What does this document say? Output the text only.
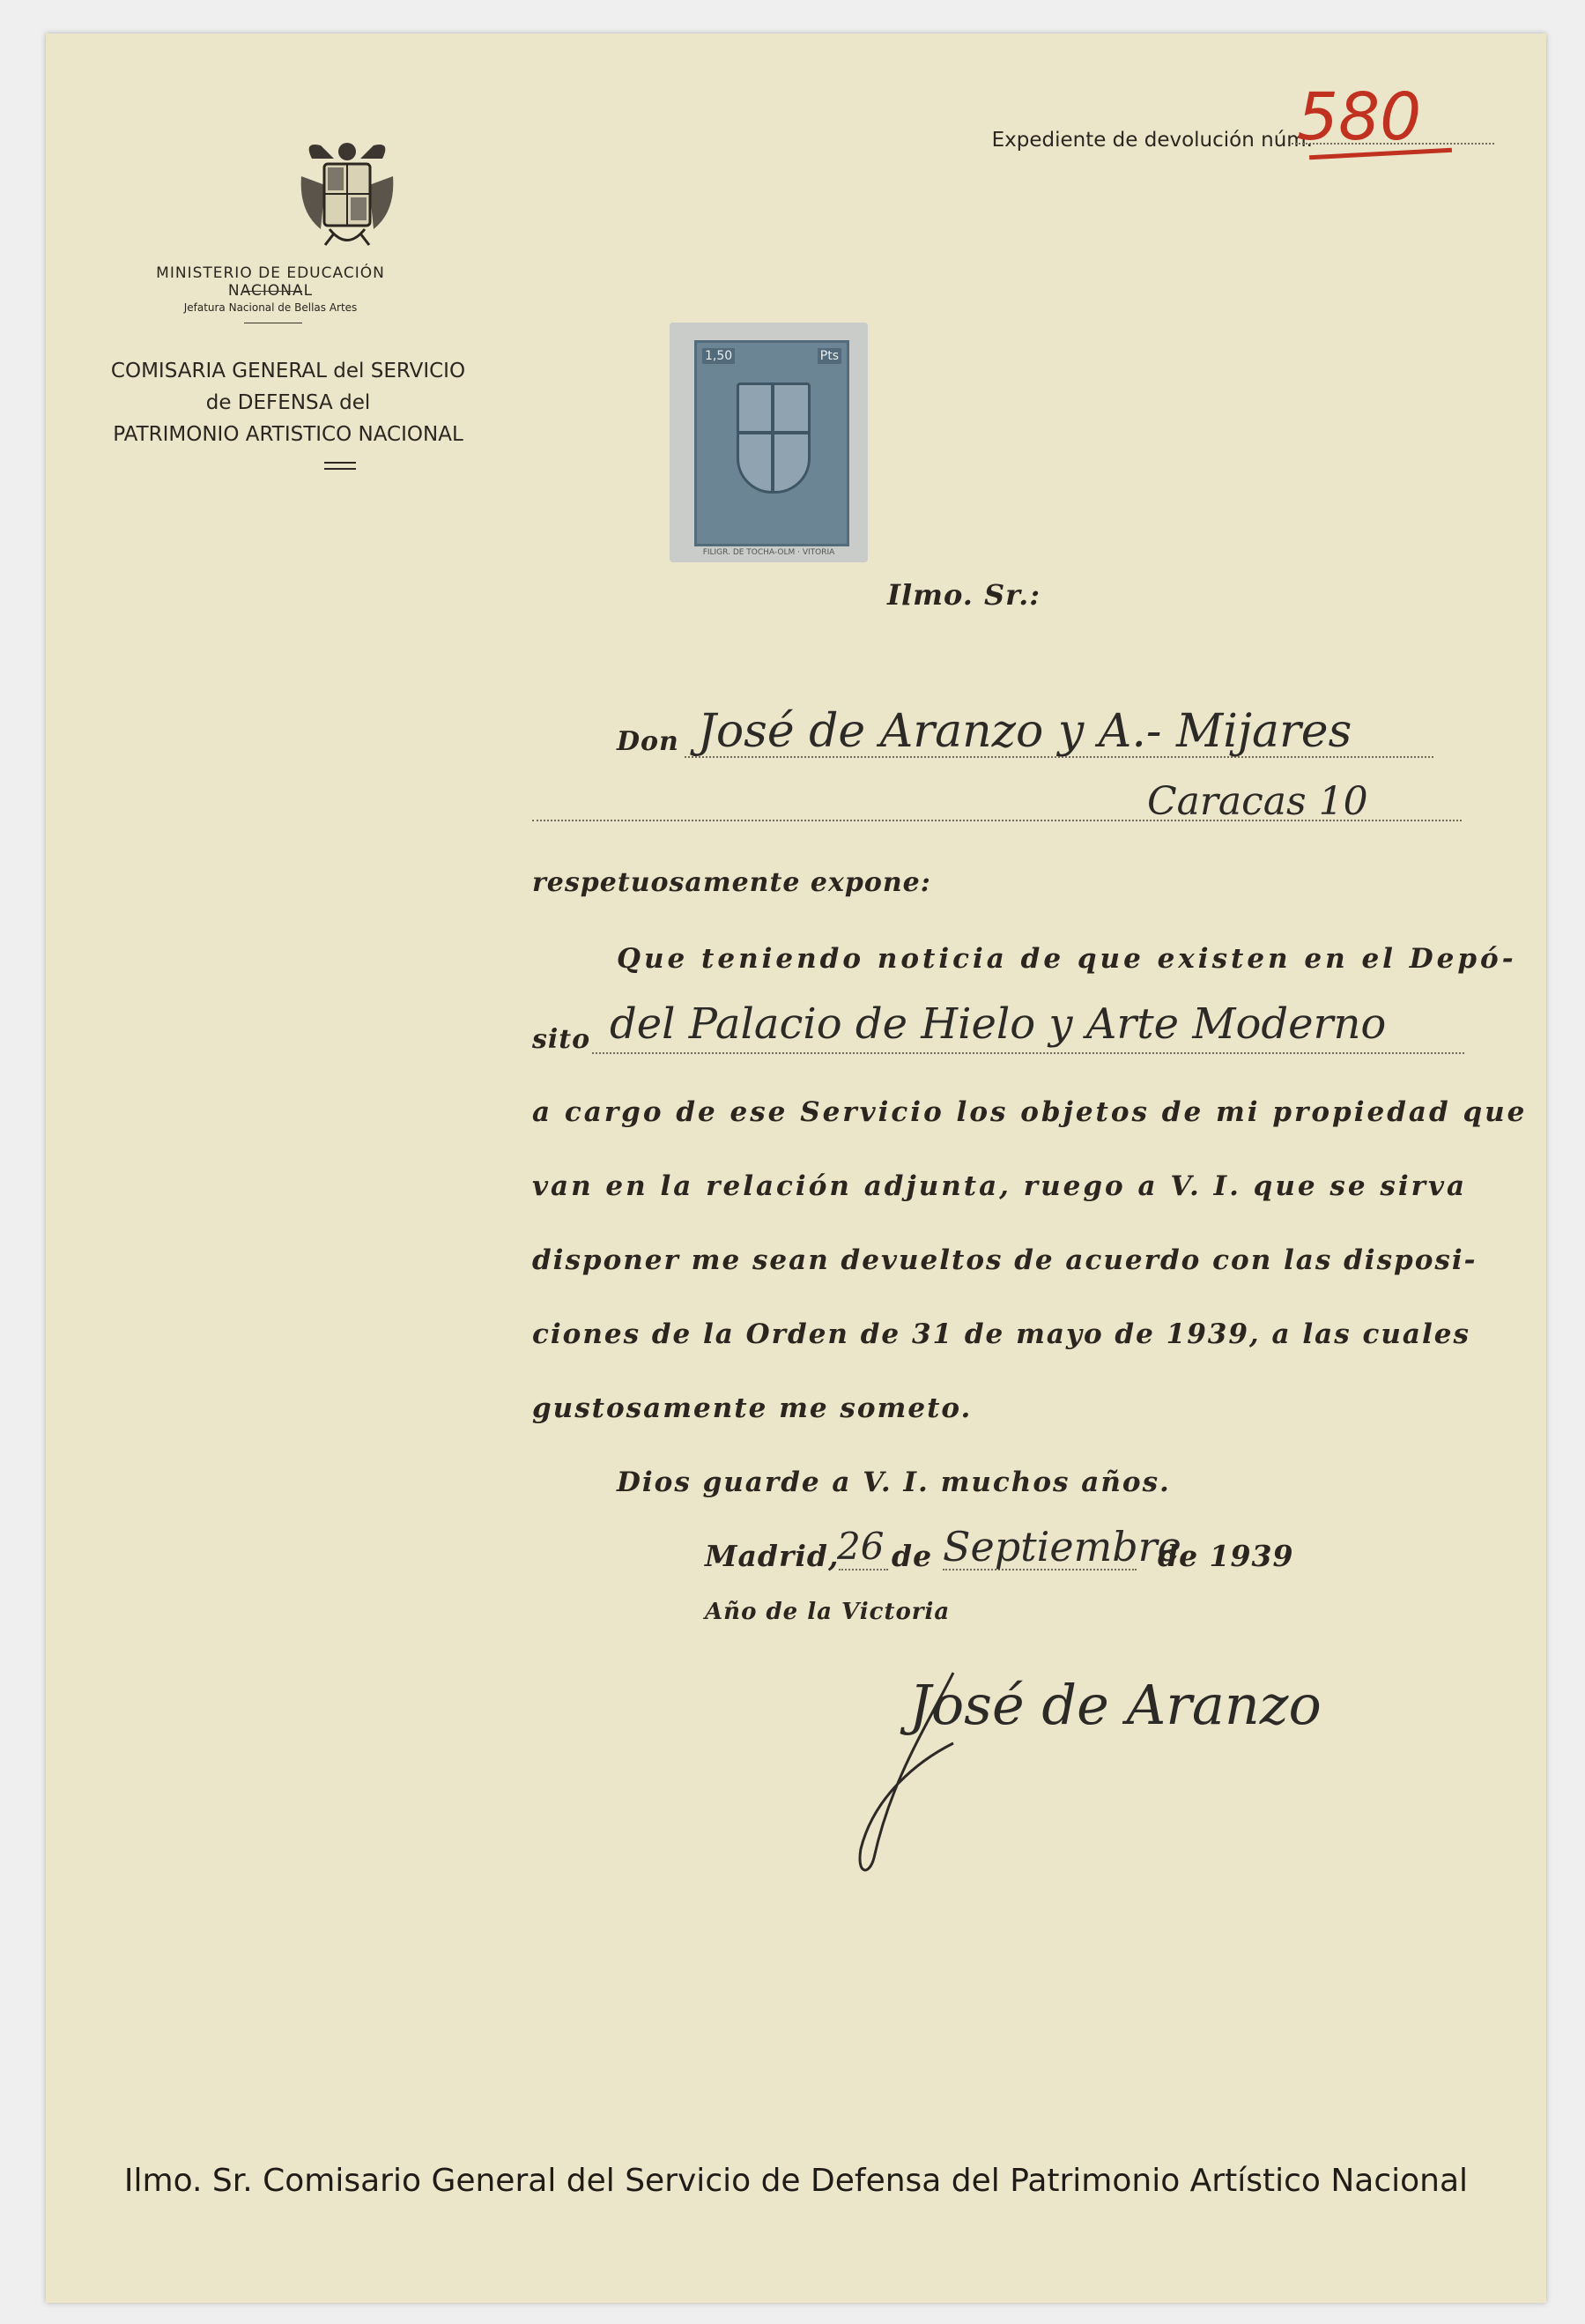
MINISTERIO DE EDUCACIÓN NACIONAL
Jefatura Nacional de Bellas Artes
COMISARIA GENERAL del SERVICIO
de DEFENSA del
PATRIMONIO ARTISTICO NACIONAL
Expediente de devolución núm.
580
1,50	Pts
FILIGR. DE TOCHA-OLM · VITORIA
Ilmo. Sr.:
Don José de Aranzo y A.- Mijares
Caracas 10
respetuosamente expone:
Que teniendo noticia de que existen en el Depó-
sito del Palacio de Hielo y Arte Moderno
a cargo de ese Servicio los objetos de mi propiedad que
van en la relación adjunta, ruego a V. I. que se sirva
disponer me sean devueltos de acuerdo con las disposi-
ciones de la Orden de 31 de mayo de 1939, a las cuales
gustosamente me someto.
Dios guarde a V. I. muchos años.
Madrid,
26 de Septiembre
de 1939
Año de la Victoria
José de Aranzo
Ilmo. Sr. Comisario General del Servicio de Defensa del Patrimonio Artístico Nacional
